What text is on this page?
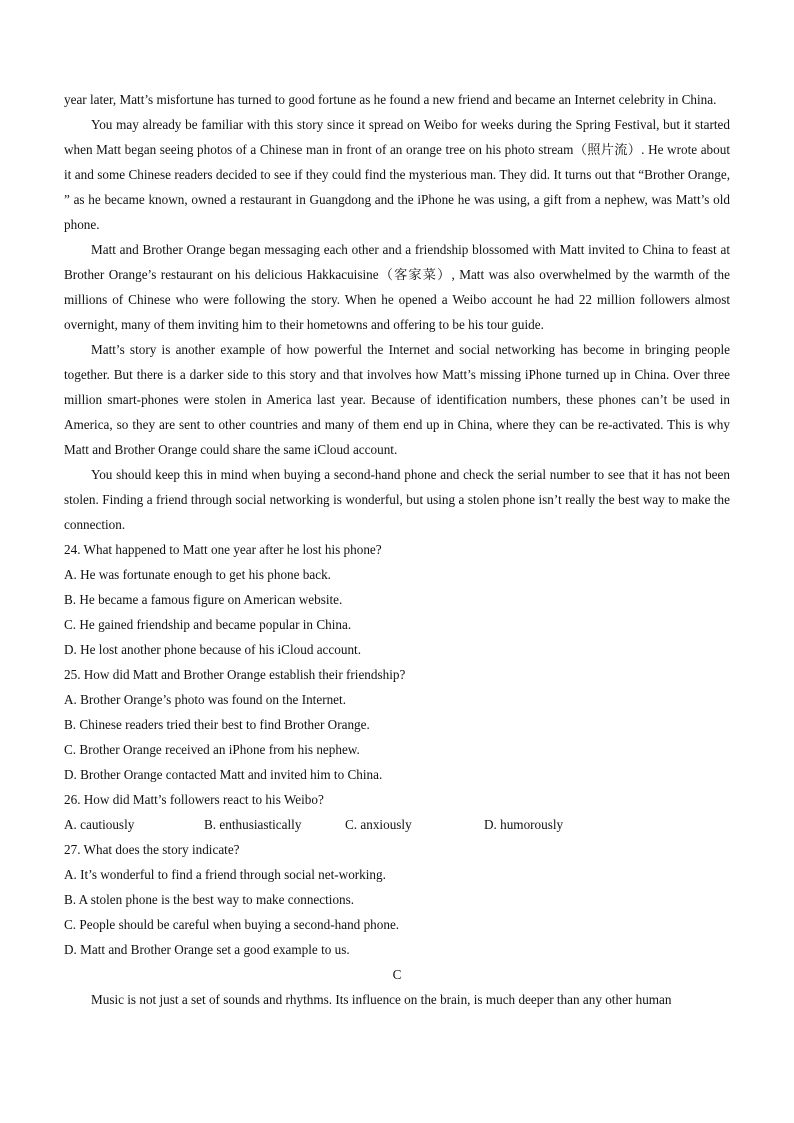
year later, Matt’s misfortune has turned to good fortune as he found a new friend and became an Internet celebrity in China.

You may already be familiar with this story since it spread on Weibo for weeks during the Spring Festival, but it started when Matt began seeing photos of a Chinese man in front of an orange tree on his photo stream（照片流）. He wrote about it and some Chinese readers decided to see if they could find the mysterious man. They did. It turns out that “Brother Orange, ” as he became known, owned a restaurant in Guangdong and the iPhone he was using, a gift from a nephew, was Matt’s old phone.

Matt and Brother Orange began messaging each other and a friendship blossomed with Matt invited to China to feast at Brother Orange’s restaurant on his delicious Hakkacuisine（客家菜）, Matt was also overwhelmed by the warmth of the millions of Chinese who were following the story. When he opened a Weibo account he had 22 million followers almost overnight, many of them inviting him to their hometowns and offering to be his tour guide.

Matt’s story is another example of how powerful the Internet and social networking has become in bringing people together. But there is a darker side to this story and that involves how Matt’s missing iPhone turned up in China. Over three million smart-phones were stolen in America last year. Because of identification numbers, these phones can’t be used in America, so they are sent to other countries and many of them end up in China, where they can be re-activated. This is why Matt and Brother Orange could share the same iCloud account.

You should keep this in mind when buying a second-hand phone and check the serial number to see that it has not been stolen. Finding a friend through social networking is wonderful, but using a stolen phone isn’t really the best way to make the connection.

24. What happened to Matt one year after he lost his phone?
A. He was fortunate enough to get his phone back.
B. He became a famous figure on American website.
C. He gained friendship and became popular in China.
D. He lost another phone because of his iCloud account.
25. How did Matt and Brother Orange establish their friendship?
A. Brother Orange’s photo was found on the Internet.
B. Chinese readers tried their best to find Brother Orange.
C. Brother Orange received an iPhone from his nephew.
D. Brother Orange contacted Matt and invited him to China.
26. How did Matt’s followers react to his Weibo?
A. cautiously	B. enthusiastically	C. anxiously	D. humorously
27. What does the story indicate?
A. It’s wonderful to find a friend through social net-working.
B. A stolen phone is the best way to make connections.
C. People should be careful when buying a second-hand phone.
D. Matt and Brother Orange set a good example to us.
C

Music is not just a set of sounds and rhythms. Its influence on the brain, is much deeper than any other human
